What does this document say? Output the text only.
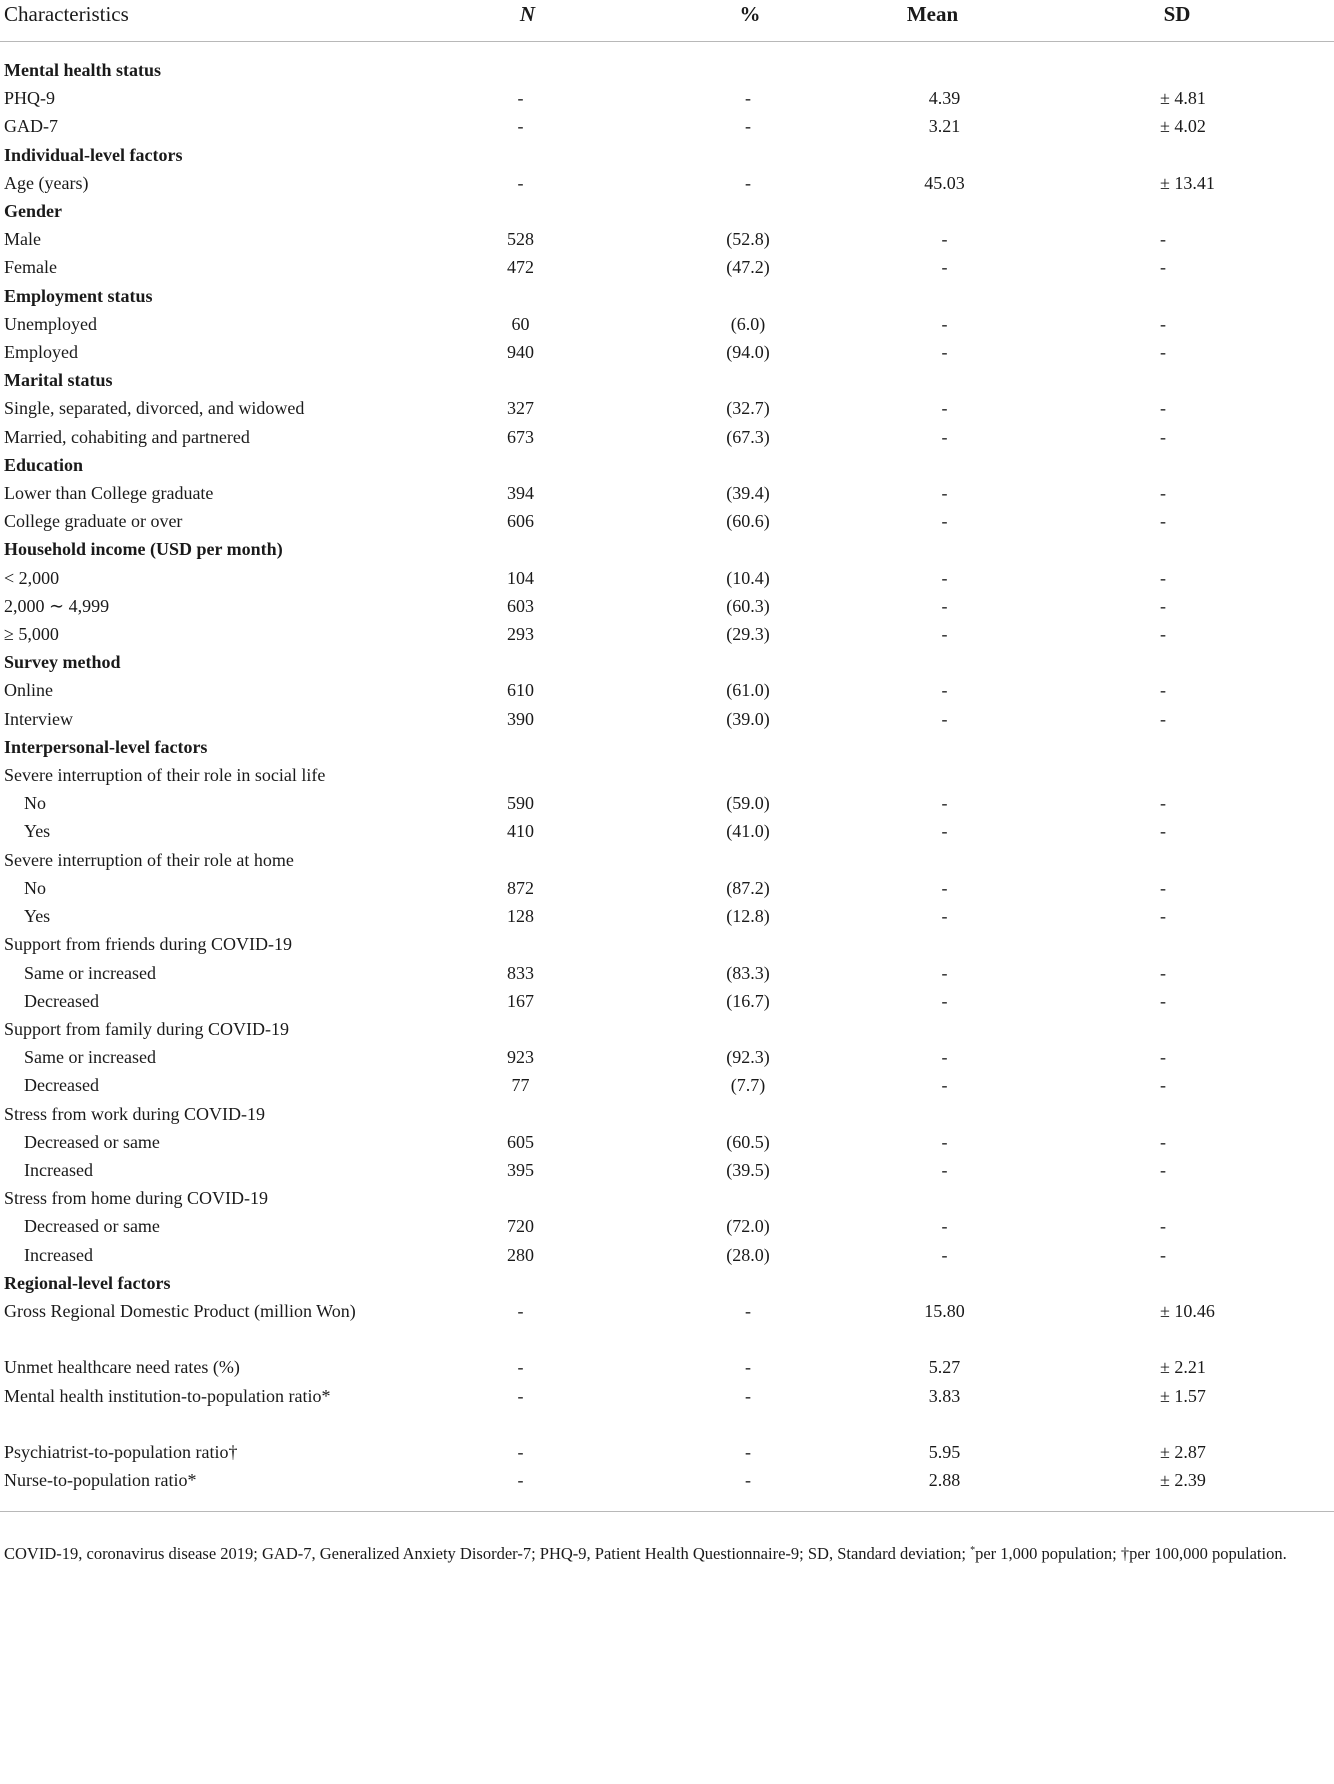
Characteristics	N	%	Mean	SD

Mental health status				
PHQ-9	-	-	4.39	± 4.81
GAD-7	-	-	3.21	± 4.02
Individual-level factors				
Age (years)	-	-	45.03	± 13.41
Gender				
Male	528	(52.8)	-	-
Female	472	(47.2)	-	-
Employment status				
Unemployed	60	(6.0)	-	-
Employed	940	(94.0)	-	-
Marital status				
Single, separated, divorced, and widowed	327	(32.7)	-	-
Married, cohabiting and partnered	673	(67.3)	-	-
Education				
Lower than College graduate	394	(39.4)	-	-
College graduate or over	606	(60.6)	-	-
Household income (USD per month)				
< 2,000	104	(10.4)	-	-
2,000 ∼ 4,999	603	(60.3)	-	-
≥ 5,000	293	(29.3)	-	-
Survey method				
Online	610	(61.0)	-	-
Interview	390	(39.0)	-	-
Interpersonal-level factors				
Severe interruption of their role in social life				
No	590	(59.0)	-	-
Yes	410	(41.0)	-	-
Severe interruption of their role at home				
No	872	(87.2)	-	-
Yes	128	(12.8)	-	-
Support from friends during COVID-19				
Same or increased	833	(83.3)	-	-
Decreased	167	(16.7)	-	-
Support from family during COVID-19				
Same or increased	923	(92.3)	-	-
Decreased	77	(7.7)	-	-
Stress from work during COVID-19				
Decreased or same	605	(60.5)	-	-
Increased	395	(39.5)	-	-
Stress from home during COVID-19				
Decreased or same	720	(72.0)	-	-
Increased	280	(28.0)	-	-
Regional-level factors				
Gross Regional Domestic Product (million Won)	-	-	15.80	± 10.46
Unmet healthcare need rates (%)	-	-	5.27	± 2.21
Mental health institution-to-population ratio*	-	-	3.83	± 1.57
Psychiatrist-to-population ratio†	-	-	5.95	± 2.87
Nurse-to-population ratio*	-	-	2.88	± 2.39
COVID-19, coronavirus disease 2019; GAD-7, Generalized Anxiety Disorder-7; PHQ-9, Patient Health Questionnaire-9; SD, Standard deviation; *per 1,000 population; †per 100,000 population.
